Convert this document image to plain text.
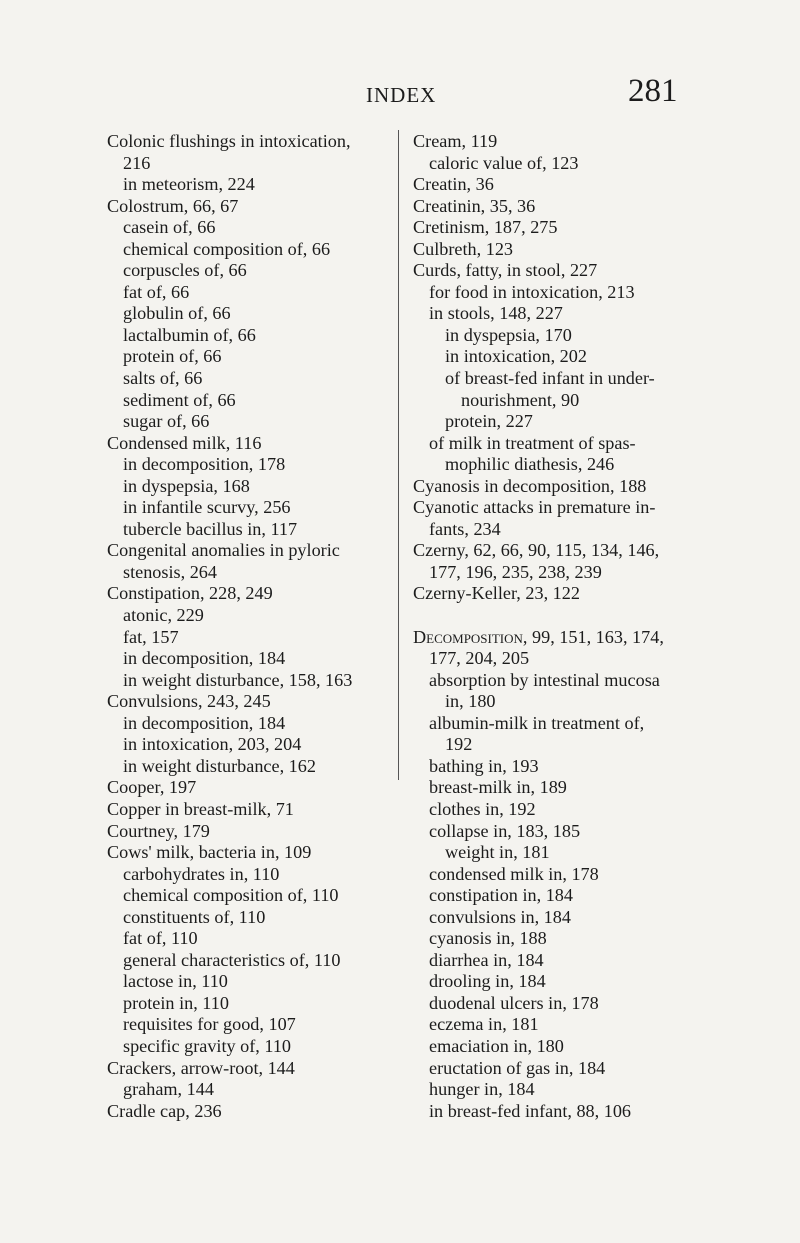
INDEX	281
Colonic flushings in intoxication,
216
in meteorism, 224
Colostrum, 66, 67
casein of, 66
chemical composition of, 66
corpuscles of, 66
fat of, 66
globulin of, 66
lactalbumin of, 66
protein of, 66
salts of, 66
sediment of, 66
sugar of, 66
Condensed milk, 116
in decomposition, 178
in dyspepsia, 168
in infantile scurvy, 256
tubercle bacillus in, 117
Congenital anomalies in pyloric
stenosis, 264
Constipation, 228, 249
atonic, 229
fat, 157
in decomposition, 184
in weight disturbance, 158, 163
Convulsions, 243, 245
in decomposition, 184
in intoxication, 203, 204
in weight disturbance, 162
Cooper, 197
Copper in breast-milk, 71
Courtney, 179
Cows' milk, bacteria in, 109
carbohydrates in, 110
chemical composition of, 110
constituents of, 110
fat of, 110
general characteristics of, 110
lactose in, 110
protein in, 110
requisites for good, 107
specific gravity of, 110
Crackers, arrow-root, 144
graham, 144
Cradle cap, 236
Cream, 119
caloric value of, 123
Creatin, 36
Creatinin, 35, 36
Cretinism, 187, 275
Culbreth, 123
Curds, fatty, in stool, 227
for food in intoxication, 213
in stools, 148, 227
in dyspepsia, 170
in intoxication, 202
of breast-fed infant in under-
nourishment, 90
protein, 227
of milk in treatment of spas-
mophilic diathesis, 246
Cyanosis in decomposition, 188
Cyanotic attacks in premature in-
fants, 234
Czerny, 62, 66, 90, 115, 134, 146,
177, 196, 235, 238, 239
Czerny-Keller, 23, 122
Decomposition, 99, 151, 163, 174,
177, 204, 205
absorption by intestinal mucosa
in, 180
albumin-milk in treatment of,
192
bathing in, 193
breast-milk in, 189
clothes in, 192
collapse in, 183, 185
weight in, 181
condensed milk in, 178
constipation in, 184
convulsions in, 184
cyanosis in, 188
diarrhea in, 184
drooling in, 184
duodenal ulcers in, 178
eczema in, 181
emaciation in, 180
eructation of gas in, 184
hunger in, 184
in breast-fed infant, 88, 106
